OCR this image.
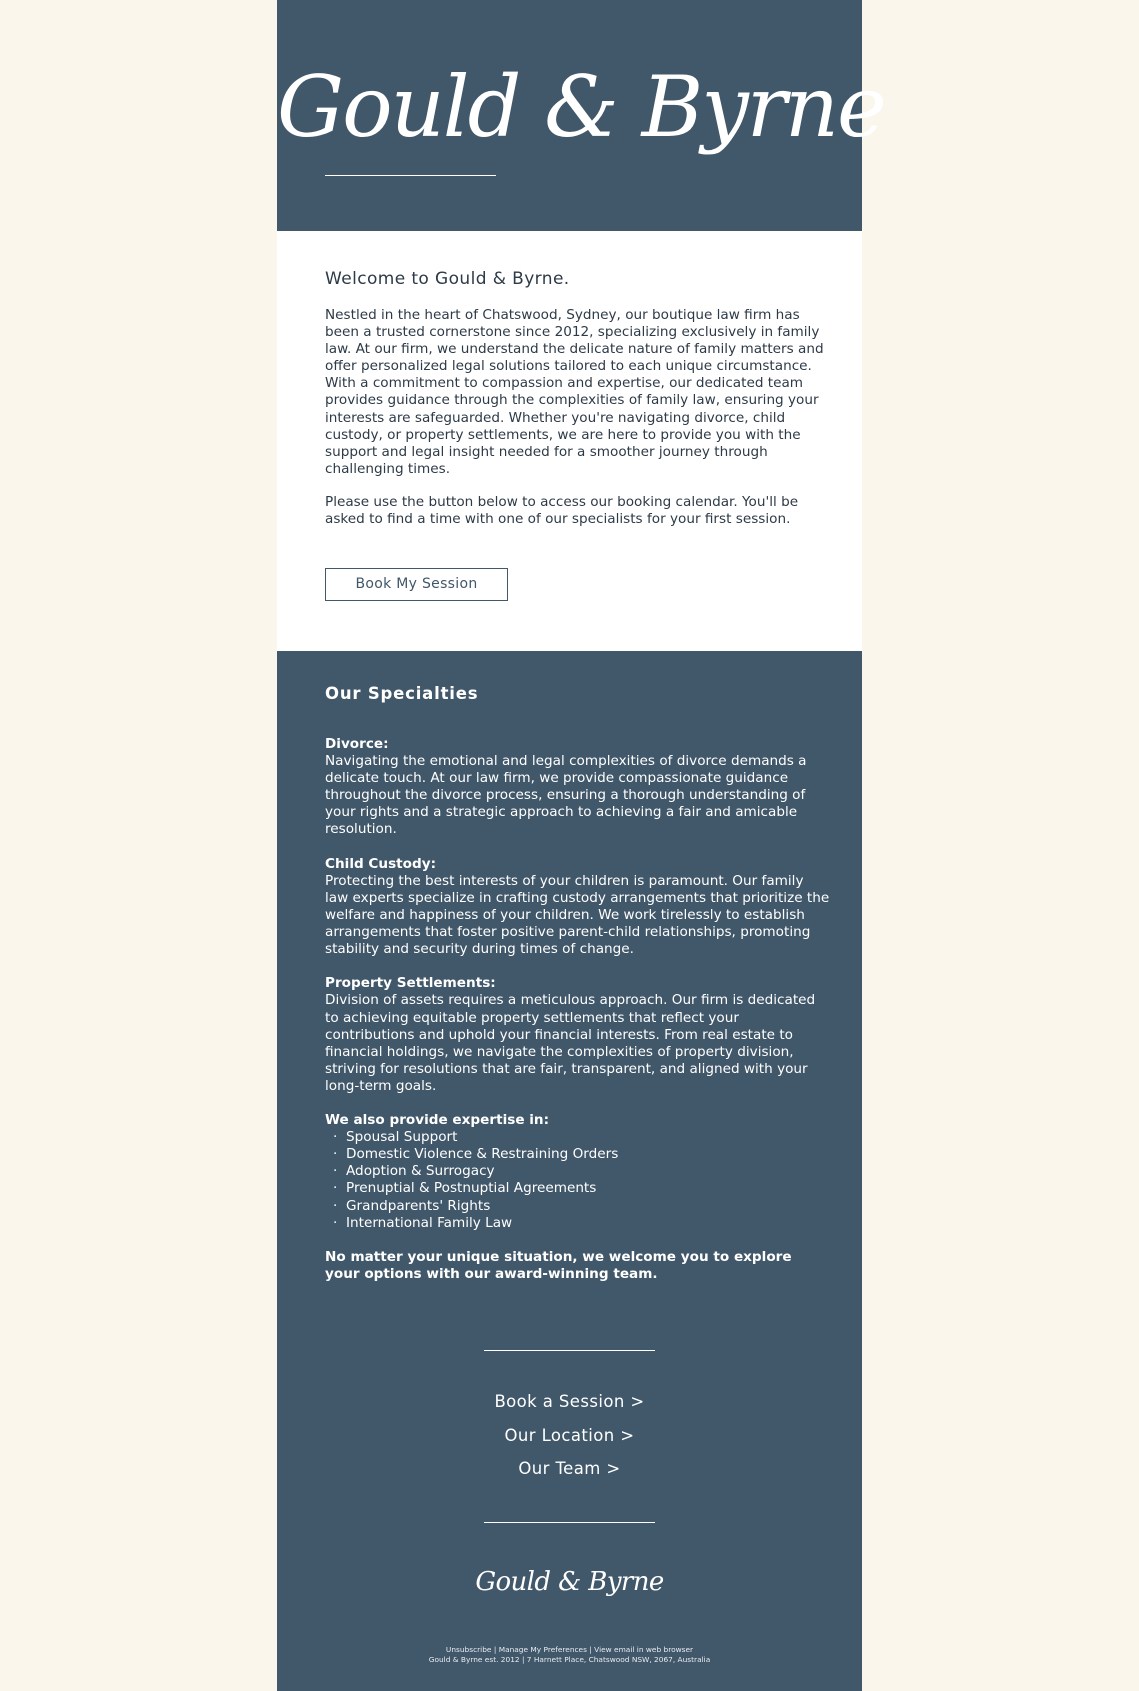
Gould & Byrne
Welcome to Gould & Byrne.

Nestled in the heart of Chatswood, Sydney, our boutique law firm has been a trusted cornerstone since 2012, specializing exclusively in family law. At our firm, we understand the delicate nature of family matters and offer personalized legal solutions tailored to each unique circumstance. With a commitment to compassion and expertise, our dedicated team provides guidance through the complexities of family law, ensuring your interests are safeguarded. Whether you're navigating divorce, child custody, or property settlements, we are here to provide you with the support and legal insight needed for a smoother journey through challenging times.

Please use the button below to access our booking calendar. You'll be asked to find a time with one of our specialists for your first session.

Book My Session
Our Specialties

Divorce:
Navigating the emotional and legal complexities of divorce demands a delicate touch. At our law firm, we provide compassionate guidance throughout the divorce process, ensuring a thorough understanding of your rights and a strategic approach to achieving a fair and amicable resolution.

Child Custody:
Protecting the best interests of your children is paramount. Our family law experts specialize in crafting custody arrangements that prioritize the welfare and happiness of your children. We work tirelessly to establish arrangements that foster positive parent-child relationships, promoting stability and security during times of change.

Property Settlements:
Division of assets requires a meticulous approach. Our firm is dedicated to achieving equitable property settlements that reflect your contributions and uphold your financial interests. From real estate to financial holdings, we navigate the complexities of property division, striving for resolutions that are fair, transparent, and aligned with your long-term goals.

We also provide expertise in:
· Spousal Support
· Domestic Violence & Restraining Orders
· Adoption & Surrogacy
· Prenuptial & Postnuptial Agreements
· Grandparents' Rights
· International Family Law

No matter your unique situation, we welcome you to explore your options with our award-winning team.

Book a Session >
Our Location >
Our Team >
Gould & Byrne
Unsubscribe | Manage My Preferences | View email in web browser
Gould & Byrne est. 2012 | 7 Harnett Place, Chatswood NSW, 2067, Australia
